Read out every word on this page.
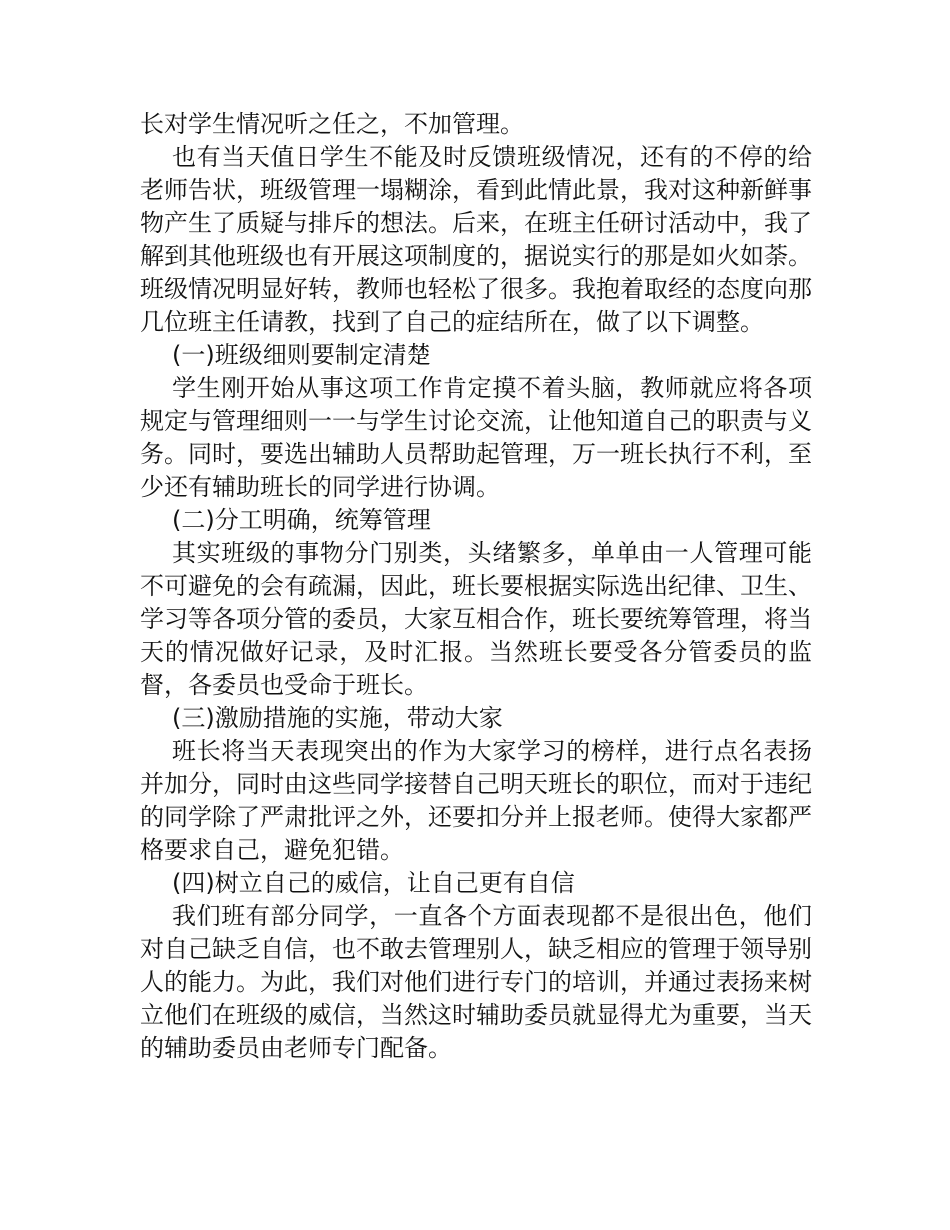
长对学生情况听之任之，不加管理。

也有当天值日学生不能及时反馈班级情况，还有的不停的给老师告状，班级管理一塌糊涂，看到此情此景，我对这种新鲜事物产生了质疑与排斥的想法。后来，在班主任研讨活动中，我了解到其他班级也有开展这项制度的，据说实行的那是如火如荼。班级情况明显好转，教师也轻松了很多。我抱着取经的态度向那几位班主任请教，找到了自己的症结所在，做了以下调整。

(一)班级细则要制定清楚

学生刚开始从事这项工作肯定摸不着头脑，教师就应将各项规定与管理细则一一与学生讨论交流，让他知道自己的职责与义务。同时，要选出辅助人员帮助起管理，万一班长执行不利，至少还有辅助班长的同学进行协调。

(二)分工明确，统筹管理

其实班级的事物分门别类，头绪繁多，单单由一人管理可能不可避免的会有疏漏，因此，班长要根据实际选出纪律、卫生、学习等各项分管的委员，大家互相合作，班长要统筹管理，将当天的情况做好记录，及时汇报。当然班长要受各分管委员的监督，各委员也受命于班长。

(三)激励措施的实施，带动大家

班长将当天表现突出的作为大家学习的榜样，进行点名表扬并加分，同时由这些同学接替自己明天班长的职位，而对于违纪的同学除了严肃批评之外，还要扣分并上报老师。使得大家都严格要求自己，避免犯错。

(四)树立自己的威信，让自己更有自信

我们班有部分同学，一直各个方面表现都不是很出色，他们对自己缺乏自信，也不敢去管理别人，缺乏相应的管理于领导别人的能力。为此，我们对他们进行专门的培训，并通过表扬来树立他们在班级的威信，当然这时辅助委员就显得尤为重要，当天的辅助委员由老师专门配备。
